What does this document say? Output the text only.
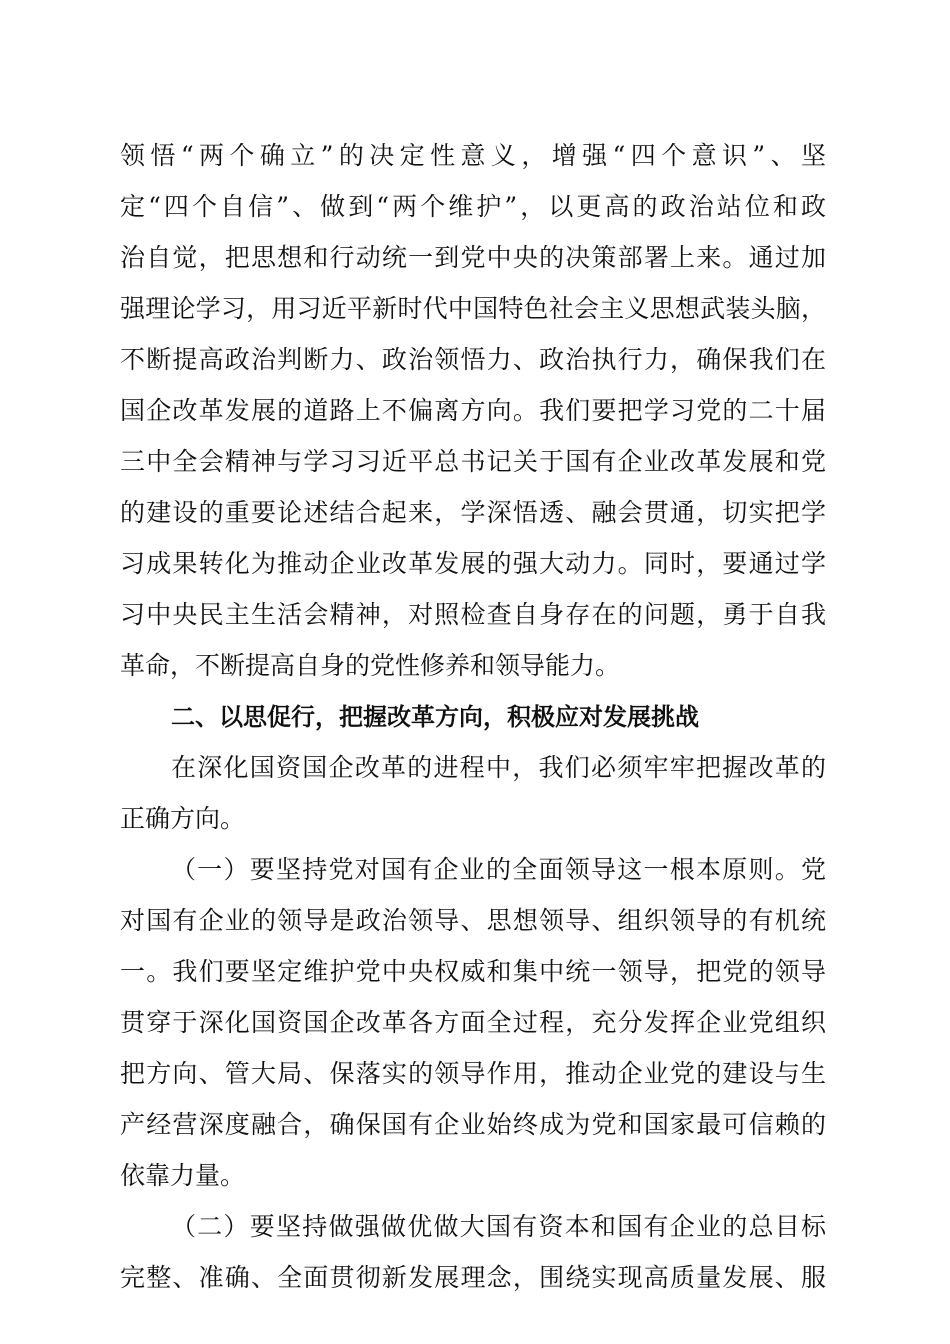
领悟“两个确立”的决定性意义，增强“四个意识”、坚
定“四个自信”、做到“两个维护”，以更高的政治站位和政
治自觉，把思想和行动统一到党中央的决策部署上来。通过加
强理论学习，用习近平新时代中国特色社会主义思想武装头脑，
不断提高政治判断力、政治领悟力、政治执行力，确保我们在
国企改革发展的道路上不偏离方向。我们要把学习党的二十届
三中全会精神与学习习近平总书记关于国有企业改革发展和党
的建设的重要论述结合起来，学深悟透、融会贯通，切实把学
习成果转化为推动企业改革发展的强大动力。同时，要通过学
习中央民主生活会精神，对照检查自身存在的问题，勇于自我
革命，不断提高自身的党性修养和领导能力。
二、以思促行，把握改革方向，积极应对发展挑战
在深化国资国企改革的进程中，我们必须牢牢把握改革的
正确方向。
（一）要坚持党对国有企业的全面领导这一根本原则。党
对国有企业的领导是政治领导、思想领导、组织领导的有机统
一。我们要坚定维护党中央权威和集中统一领导，把党的领导
贯穿于深化国资国企改革各方面全过程，充分发挥企业党组织
把方向、管大局、保落实的领导作用，推动企业党的建设与生
产经营深度融合，确保国有企业始终成为党和国家最可信赖的
依靠力量。
（二）要坚持做强做优做大国有资本和国有企业的总目标
完整、准确、全面贯彻新发展理念，围绕实现高质量发展、服
